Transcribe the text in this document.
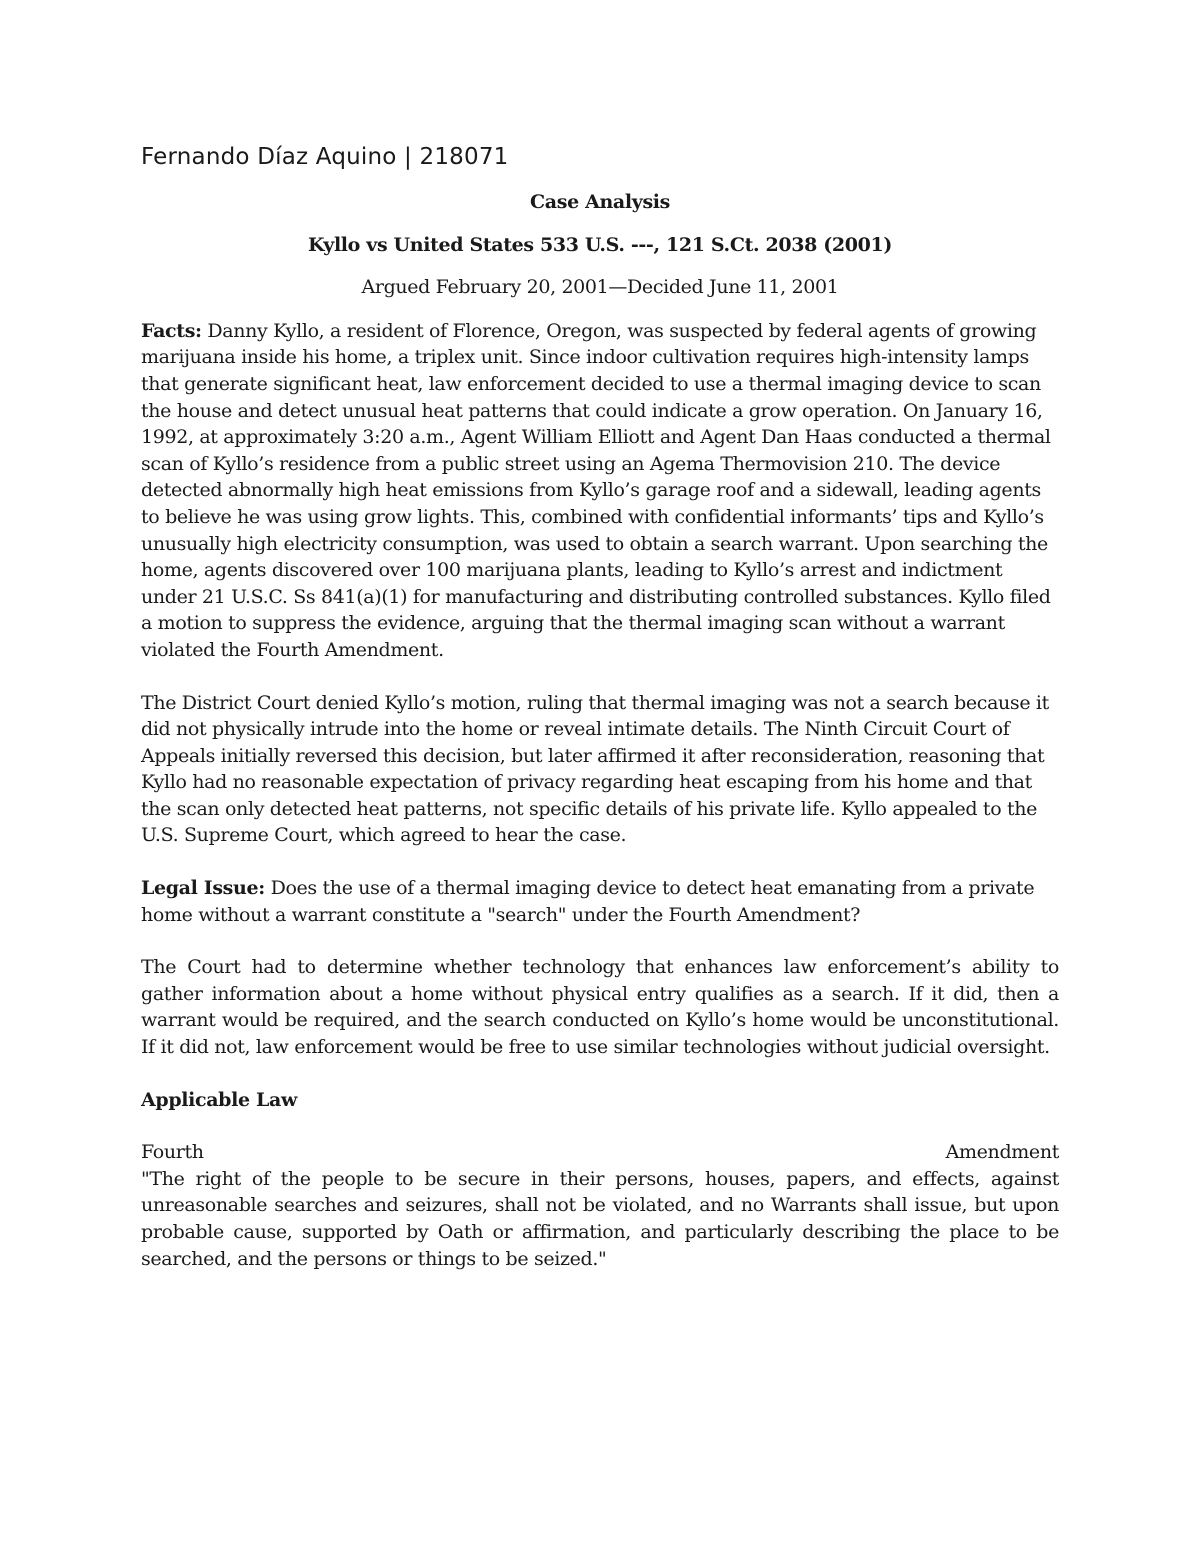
Fernando Díaz Aquino | 218071
Case Analysis
Kyllo vs United States 533 U.S. ---, 121 S.Ct. 2038 (2001)
Argued February 20, 2001—Decided June 11, 2001

Facts: Danny Kyllo, a resident of Florence, Oregon, was suspected by federal agents of growing marijuana inside his home, a triplex unit. Since indoor cultivation requires high-intensity lamps that generate significant heat, law enforcement decided to use a thermal imaging device to scan the house and detect unusual heat patterns that could indicate a grow operation. On January 16, 1992, at approximately 3:20 a.m., Agent William Elliott and Agent Dan Haas conducted a thermal scan of Kyllo’s residence from a public street using an Agema Thermovision 210. The device detected abnormally high heat emissions from Kyllo’s garage roof and a sidewall, leading agents to believe he was using grow lights. This, combined with confidential informants’ tips and Kyllo’s unusually high electricity consumption, was used to obtain a search warrant. Upon searching the home, agents discovered over 100 marijuana plants, leading to Kyllo’s arrest and indictment under 21 U.S.C. Ss 841(a)(1) for manufacturing and distributing controlled substances. Kyllo filed a motion to suppress the evidence, arguing that the thermal imaging scan without a warrant violated the Fourth Amendment.

The District Court denied Kyllo’s motion, ruling that thermal imaging was not a search because it did not physically intrude into the home or reveal intimate details. The Ninth Circuit Court of Appeals initially reversed this decision, but later affirmed it after reconsideration, reasoning that Kyllo had no reasonable expectation of privacy regarding heat escaping from his home and that the scan only detected heat patterns, not specific details of his private life. Kyllo appealed to the U.S. Supreme Court, which agreed to hear the case.

Legal Issue: Does the use of a thermal imaging device to detect heat emanating from a private home without a warrant constitute a "search" under the Fourth Amendment?

The Court had to determine whether technology that enhances law enforcement’s ability to gather information about a home without physical entry qualifies as a search. If it did, then a warrant would be required, and the search conducted on Kyllo’s home would be unconstitutional. If it did not, law enforcement would be free to use similar technologies without judicial oversight.

Applicable Law

Fourth	Amendment
"The right of the people to be secure in their persons, houses, papers, and effects, against unreasonable searches and seizures, shall not be violated, and no Warrants shall issue, but upon probable cause, supported by Oath or affirmation, and particularly describing the place to be searched, and the persons or things to be seized."
